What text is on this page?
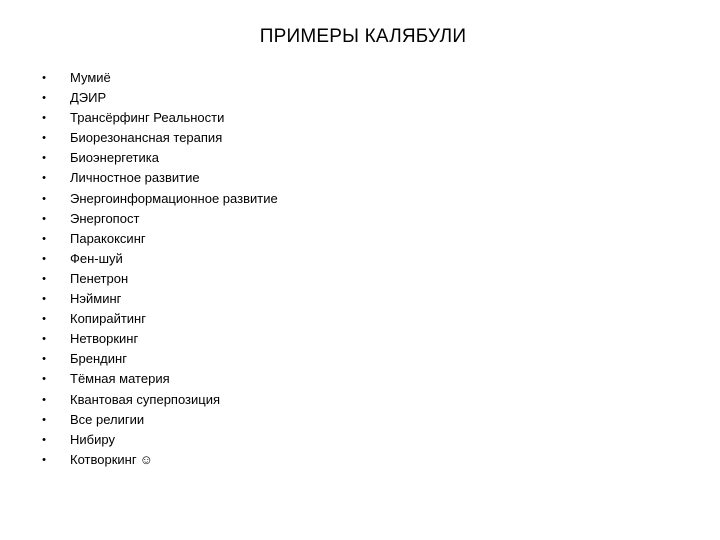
ПРИМЕРЫ КАЛЯБУЛИ
•	Мумиё
•	ДЭИР
•	Трансёрфинг Реальности
•	Биорезонансная терапия
•	Биоэнергетика
•	Личностное развитие
•	Энергоинформационное развитие
•	Энергопост
•	Паракоксинг
•	Фен-шуй
•	Пенетрон
•	Нэйминг
•	Копирайтинг
•	Нетворкинг
•	Брендинг
•	Тёмная материя
•	Квантовая суперпозиция
•	Все религии
•	Нибиру
•	Котворкинг ☺
